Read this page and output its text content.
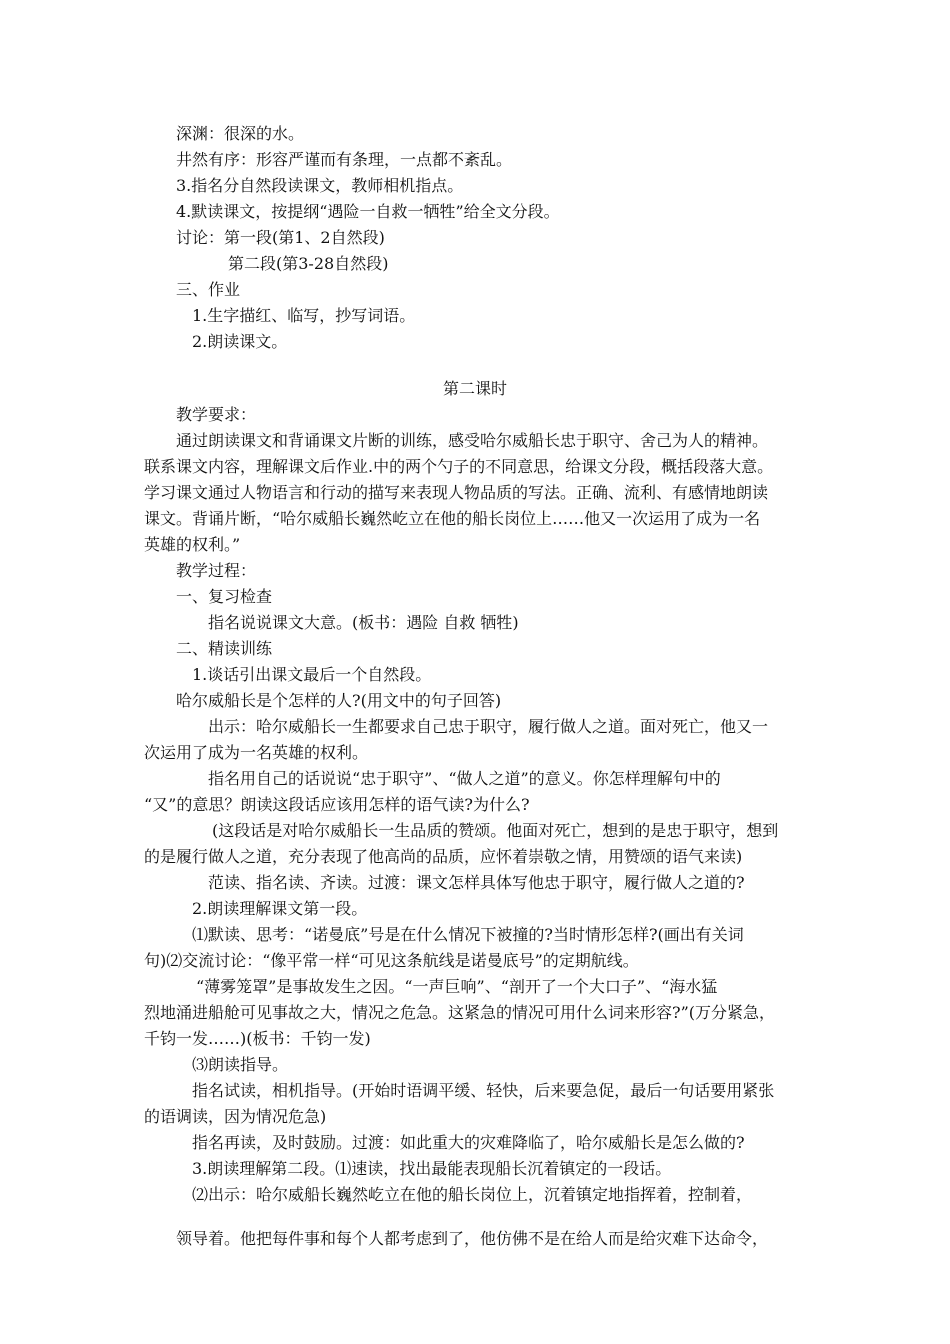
深渊：很深的水。
井然有序：形容严谨而有条理，一点都不紊乱。
3.指名分自然段读课文，教师相机指点。
4.默读课文，按提纲“遇险一自救一牺牲”给全文分段。
讨论：第一段(第1、2自然段)
第二段(第3-28自然段)
三、作业
1.生字描红、临写，抄写词语。
2.朗读课文。
第二课时
教学要求：
通过朗读课文和背诵课文片断的训练，感受哈尔威船长忠于职守、舍己为人的精神。
联系课文内容，理解课文后作业.中的两个勺子的不同意思，给课文分段，概括段落大意。
学习课文通过人物语言和行动的描写来表现人物品质的写法。正确、流利、有感情地朗读
课文。背诵片断，“哈尔威船长巍然屹立在他的船长岗位上……他又一次运用了成为一名
英雄的权利。”
教学过程：
一、复习检查
指名说说课文大意。(板书：遇险 自救 牺牲)
二、精读训练
1.谈话引出课文最后一个自然段。
哈尔威船长是个怎样的人?(用文中的句子回答)
出示：哈尔威船长一生都要求自己忠于职守，履行做人之道。面对死亡，他又一
次运用了成为一名英雄的权利。
指名用自己的话说说“忠于职守”、“做人之道”的意义。你怎样理解句中的
“又”的意思？朗读这段话应该用怎样的语气读?为什么?
(这段话是对哈尔威船长一生品质的赞颂。他面对死亡，想到的是忠于职守，想到
的是履行做人之道，充分表现了他高尚的品质，应怀着崇敬之情，用赞颂的语气来读)
范读、指名读、齐读。过渡：课文怎样具体写他忠于职守，履行做人之道的?
2.朗读理解课文第一段。
⑴默读、思考：“诺曼底”号是在什么情况下被撞的?当时情形怎样?(画出有关词
句)⑵交流讨论：“像平常一样“可见这条航线是诺曼底号”的定期航线。
“薄雾笼罩”是事故发生之因。“一声巨响”、“剖开了一个大口子”、“海水猛
烈地涌进船舱可见事故之大，情况之危急。这紧急的情况可用什么词来形容?”(万分紧急，
千钧一发……)(板书：千钧一发)
⑶朗读指导。
指名试读，相机指导。(开始时语调平缓、轻快，后来要急促，最后一句话要用紧张
的语调读，因为情况危急)
指名再读，及时鼓励。过渡：如此重大的灾难降临了，哈尔威船长是怎么做的?
3.朗读理解第二段。⑴速读，找出最能表现船长沉着镇定的一段话。
⑵出示：哈尔威船长巍然屹立在他的船长岗位上，沉着镇定地指挥着，控制着，
领导着。他把每件事和每个人都考虑到了，他仿佛不是在给人而是给灾难下达命令，
